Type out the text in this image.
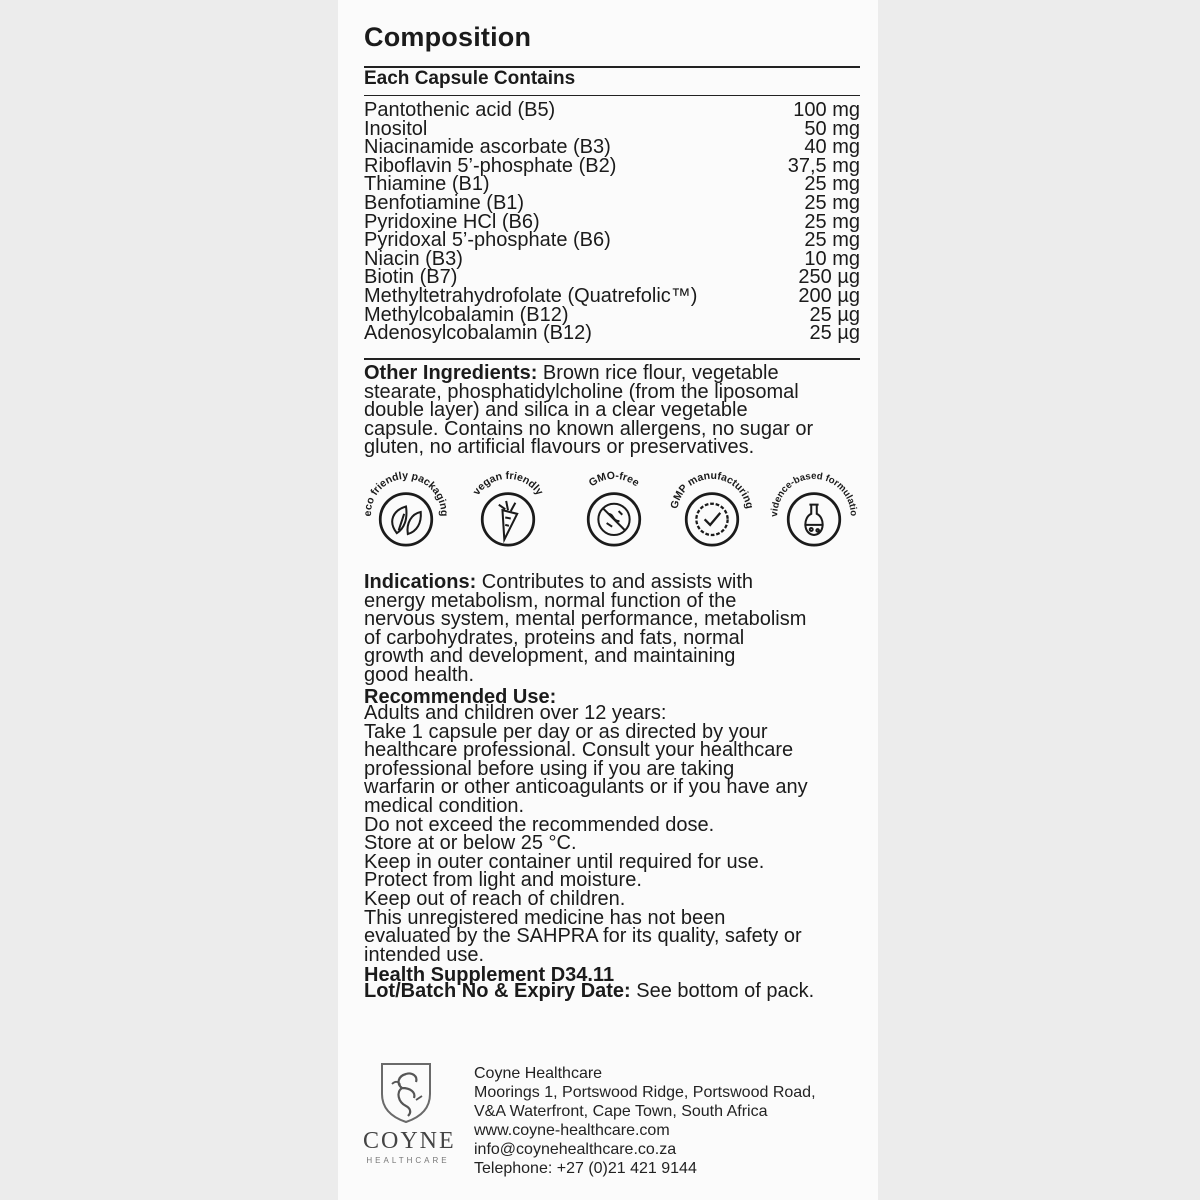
Composition
Each Capsule Contains
Pantothenic acid (B5)	100 mg
Inositol	50 mg
Niacinamide ascorbate (B3)	40 mg
Riboflavin 5’-phosphate (B2)	37,5 mg
Thiamine (B1)	25 mg
Benfotiamine (B1)	25 mg
Pyridoxine HCl (B6)	25 mg
Pyridoxal 5’-phosphate (B6)	25 mg
Niacin (B3)	10 mg
Biotin (B7)	250 µg
Methyltetrahydrofolate (Quatrefolic™)	200 µg
Methylcobalamin (B12)	25 µg
Adenosylcobalamin (B12)	25 µg
Other Ingredients: Brown rice flour, vegetable
stearate, phosphatidylcholine (from the liposomal
double layer) and silica in a clear vegetable
capsule. Contains no known allergens, no sugar or
gluten, no artificial flavours or preservatives.
eco friendly packaging
vegan friendly
GMO-free
GMP manufacturing
vidence-based formulatio
Indications: Contributes to and assists with
energy metabolism, normal function of the
nervous system, mental performance, metabolism
of carbohydrates, proteins and fats, normal
growth and development, and maintaining
good health.
Recommended Use:
Adults and children over 12 years:
Take 1 capsule per day or as directed by your
healthcare professional. Consult your healthcare
professional before using if you are taking
warfarin or other anticoagulants or if you have any
medical condition.
Do not exceed the recommended dose.
Store at or below 25 °C.
Keep in outer container until required for use.
Protect from light and moisture.
Keep out of reach of children.
This unregistered medicine has not been
evaluated by the SAHPRA for its quality, safety or
intended use.
Health Supplement D34.11
Lot/Batch No & Expiry Date: See bottom of pack.
COYNE
HEALTHCARE
Coyne Healthcare
Moorings 1, Portswood Ridge, Portswood Road,
V&A Waterfront, Cape Town, South Africa
www.coyne-healthcare.com
info@coynehealthcare.co.za
Telephone: +27 (0)21 421 9144
